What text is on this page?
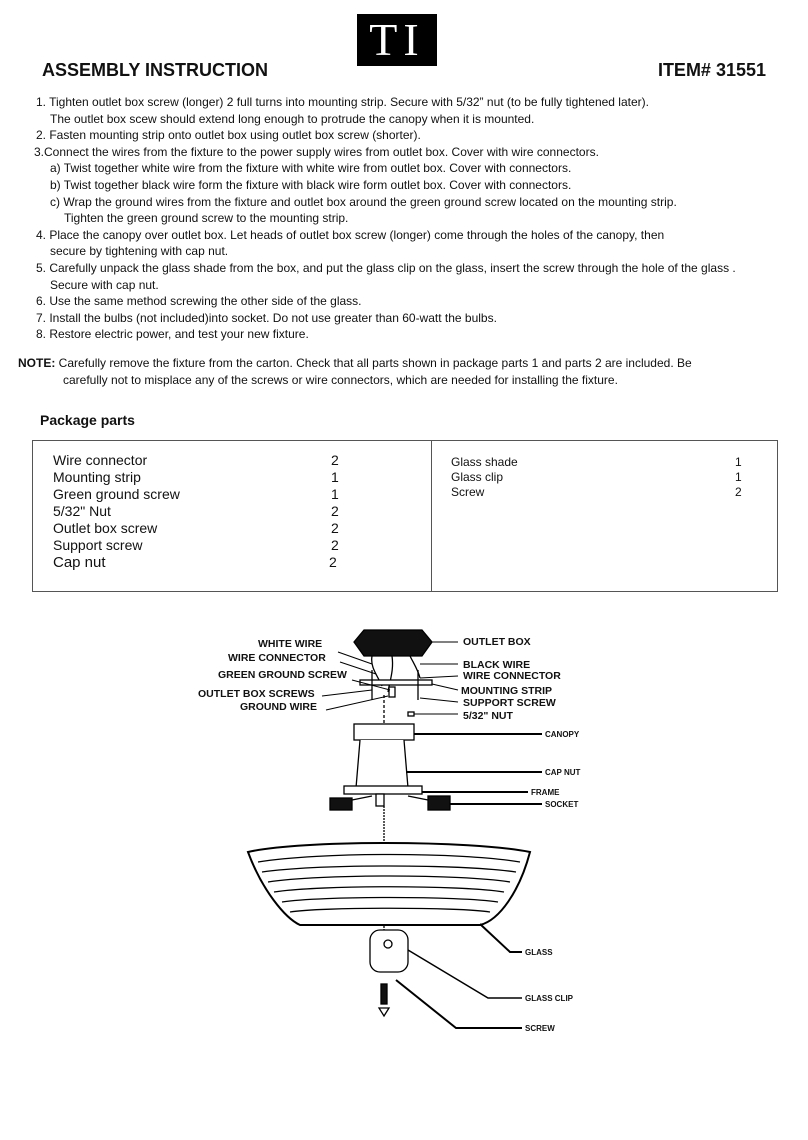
TI
ASSEMBLY INSTRUCTION	ITEM# 31551
1. Tighten outlet box screw (longer) 2 full turns into mounting strip. Secure with 5/32” nut (to be fully tightened later).
The outlet box scew should extend long enough to protrude the canopy when it is mounted.
2. Fasten mounting strip onto outlet box using outlet box screw (shorter).
3.Connect the wires from the fixture to the power supply wires from outlet box. Cover with wire connectors.
a) Twist together white wire from the fixture with white wire from outlet box. Cover with connectors.
b) Twist together black wire form the fixture with black wire form outlet box. Cover with connectors.
c) Wrap the ground wires from the fixture and outlet box around the green ground screw located on the mounting strip.
Tighten the green ground screw to the mounting strip.
4. Place the canopy over outlet box. Let heads of outlet box screw (longer) come through the holes of the canopy, then
secure by tightening with cap nut.
5. Carefully unpack the glass shade from the box, and put the glass clip on the glass, insert the screw through the hole of the glass .
Secure with cap nut.
6. Use the same method screwing the other side of the glass.
7. Install the bulbs (not included)into socket. Do not use greater than 60-watt the bulbs.
8. Restore electric power, and test your new fixture.
NOTE: Carefully remove the fixture from the carton. Check that all parts shown in package parts 1 and parts 2 are included. Be
carefully not to misplace any of the screws or wire connectors, which are needed for installing the fixture.
Package parts
Wire connector	2
Mounting strip	1
Green ground screw	1
5/32" Nut	2
Outlet box screw	2
Support screw	2
Cap nut	2
Glass shade	1
Glass clip	1
Screw	2
WHITE WIRE
WIRE CONNECTOR
GREEN GROUND SCREW
OUTLET BOX SCREWS
GROUND WIRE
OUTLET BOX
BLACK WIRE
WIRE CONNECTOR
MOUNTING STRIP
SUPPORT SCREW
5/32" NUT
CANOPY
CAP NUT
FRAME
SOCKET
GLASS
GLASS CLIP
SCREW
